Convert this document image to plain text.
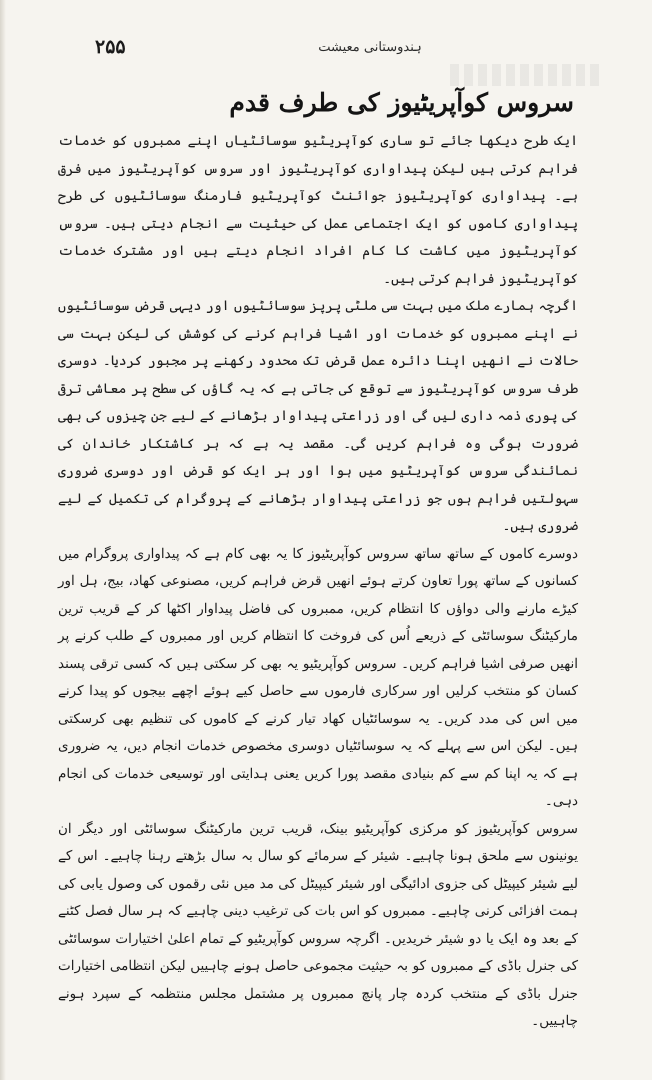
۲۵۵	ہندوستانی معیشت
سروس کوآپریٹیوز کی طرف قدم

ایک طرح دیکھا جائے تو ساری کوآپریٹیو سوسائٹیاں اپنے ممبروں کو خدمات فراہم کرتی ہیں لیکن پیداواری کوآپریٹیوز اور سروس کوآپریٹیوز میں فرق ہے۔ پیداواری کوآپریٹیوز جوائنٹ کوآپریٹیو فارمنگ سوسائٹیوں کی طرح پیداواری کاموں کو ایک اجتماعی عمل کی حیثیت سے انجام دیتی ہیں۔ سروس کوآپریٹیوز میں کاشت کا کام افراد انجام دیتے ہیں اور مشترک خدمات کوآپریٹیوز فراہم کرتی ہیں۔

اگرچہ ہمارے ملک میں بہت سی ملٹی پرپز سوسائٹیوں اور دیہی قرض سوسائٹیوں نے اپنے ممبروں کو خدمات اور اشیا فراہم کرنے کی کوشش کی لیکن بہت سی حالات نے انھیں اپنا دائرہ عمل قرض تک محدود رکھنے پر مجبور کردیا۔ دوسری طرف سروس کوآپریٹیوز سے توقع کی جاتی ہے کہ یہ گاؤں کی سطح پر معاشی ترقی کی پوری ذمہ داری لیں گی اور زراعتی پیداوار بڑھانے کے لیے جن چیزوں کی بھی ضرورت ہوگی وہ فراہم کریں گی۔ مقصد یہ ہے کہ ہر کاشتکار خاندان کی نمائندگی سروس کوآپریٹیو میں ہوا اور ہر ایک کو قرض اور دوسری ضروری سہولتیں فراہم ہوں جو زراعتی پیداوار بڑھانے کے پروگرام کی تکمیل کے لیے ضروری ہیں۔

دوسرے کاموں کے ساتھ ساتھ سروس کوآپریٹیوز کا یہ بھی کام ہے کہ پیداواری پروگرام میں کسانوں کے ساتھ پورا تعاون کرتے ہوئے انھیں قرض فراہم کریں، مصنوعی کھاد، بیج، ہل اور کیڑے مارنے والی دواؤں کا انتظام کریں، ممبروں کی فاضل پیداوار اکٹھا کر کے قریب ترین مارکیٹنگ سوسائٹی کے ذریعے اُس کی فروخت کا انتظام کریں اور ممبروں کے طلب کرنے پر انھیں صرفی اشیا فراہم کریں۔ سروس کوآپریٹیو یہ بھی کر سکتی ہیں کہ کسی ترقی پسند کسان کو منتخب کرلیں اور سرکاری فارموں سے حاصل کیے ہوئے اچھے بیجوں کو پیدا کرنے میں اس کی مدد کریں۔ یہ سوسائٹیاں کھاد تیار کرنے کے کاموں کی تنظیم بھی کرسکتی ہیں۔ لیکن اس سے پہلے کہ یہ سوسائٹیاں دوسری مخصوص خدمات انجام دیں، یہ ضروری ہے کہ یہ اپنا کم سے کم بنیادی مقصد پورا کریں یعنی ہدایتی اور توسیعی خدمات کی انجام دہی۔

سروس کوآپریٹیوز کو مرکزی کوآپریٹیو بینک، قریب ترین مارکیٹنگ سوسائٹی اور دیگر ان یونینوں سے ملحق ہونا چاہیے۔ شیئر کے سرمائے کو سال بہ سال بڑھتے رہنا چاہیے۔ اس کے لیے شیئر کیپیٹل کی جزوی ادائیگی اور شیئر کیپیٹل کی مد میں نئی رقموں کی وصول یابی کی ہمت افزائی کرنی چاہیے۔ ممبروں کو اس بات کی ترغیب دینی چاہیے کہ ہر سال فصل کٹنے کے بعد وہ ایک یا دو شیئر خریدیں۔ اگرچہ سروس کوآپریٹیو کے تمام اعلیٰ اختیارات سوسائٹی کی جنرل باڈی کے ممبروں کو بہ حیثیت مجموعی حاصل ہونے چاہییں لیکن انتظامی اختیارات جنرل باڈی کے منتخب کردہ چار پانچ ممبروں پر مشتمل مجلس منتظمہ کے سپرد ہونے چاہییں۔
